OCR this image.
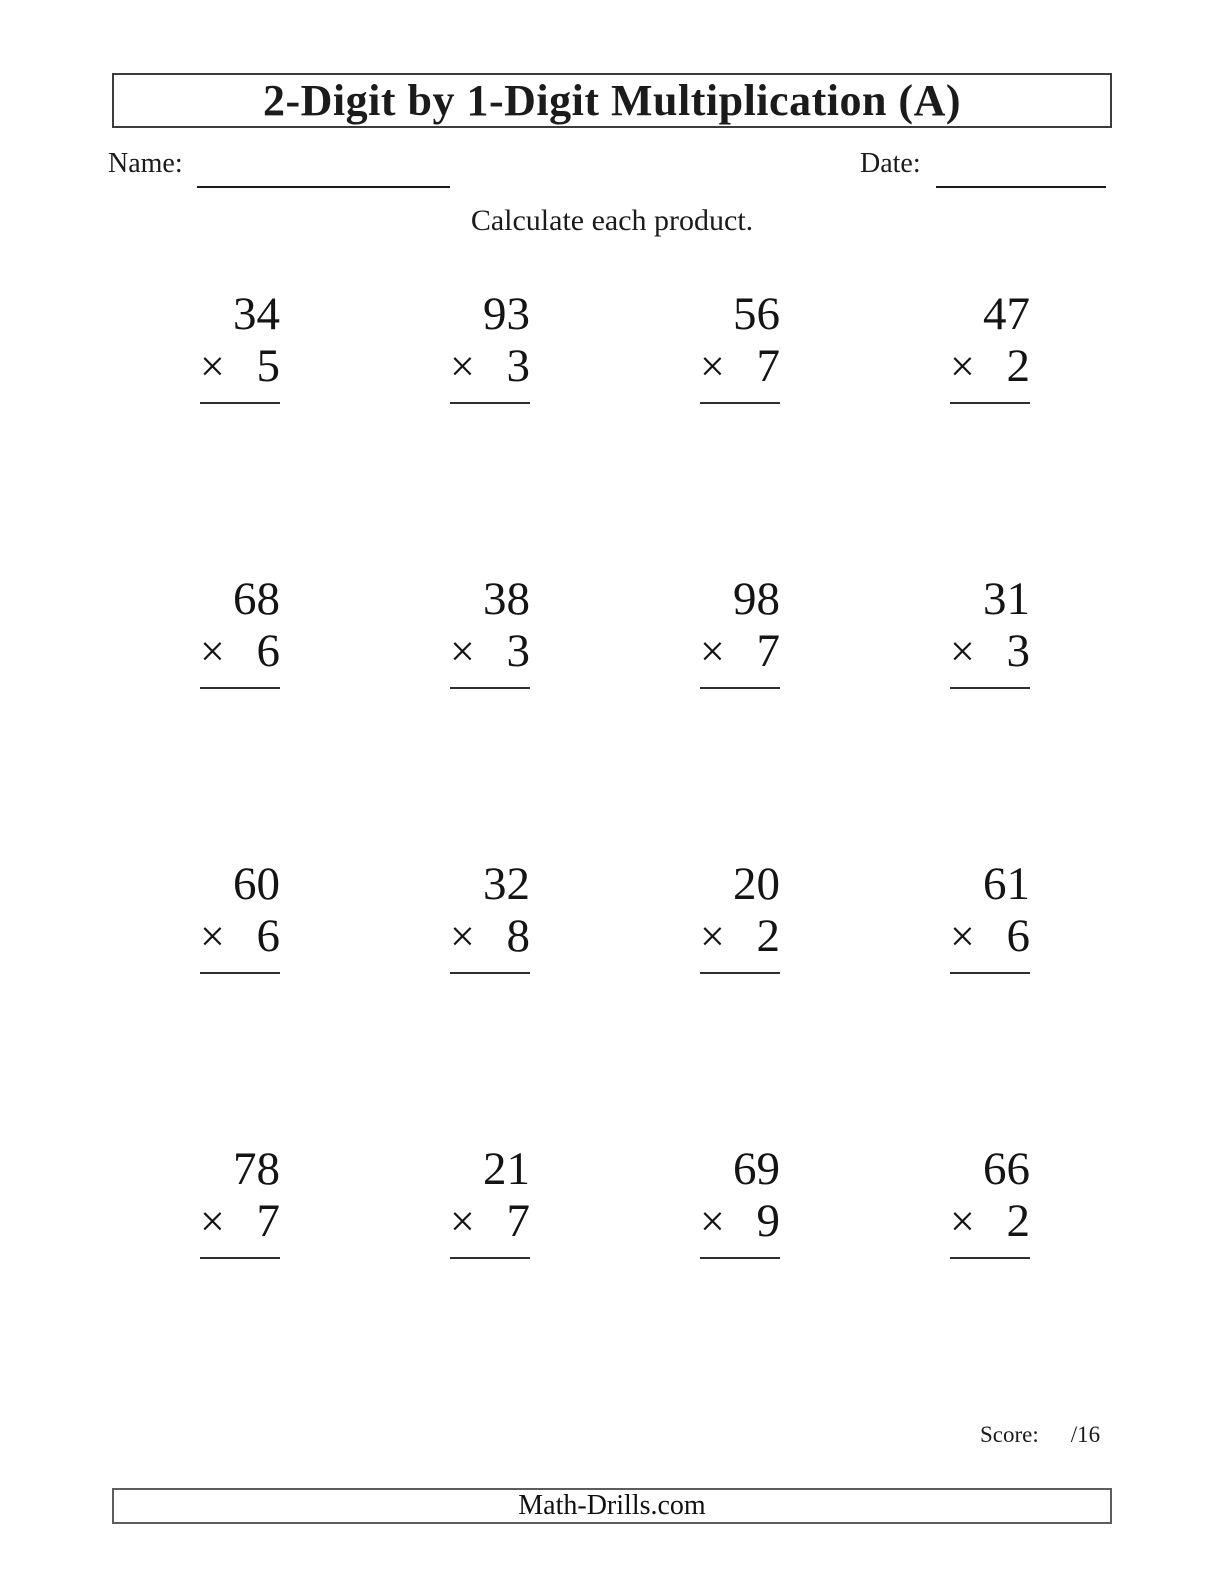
2-Digit by 1-Digit Multiplication (A)
Name:	Date:
Calculate each product.
34
× 5
93
× 3
56
× 7
47
× 2
68
× 6
38
× 3
98
× 7
31
× 3
60
× 6
32
× 8
20
× 2
61
× 6
78
× 7
21
× 7
69
× 9
66
× 2
Score: /16
Math-Drills.com
